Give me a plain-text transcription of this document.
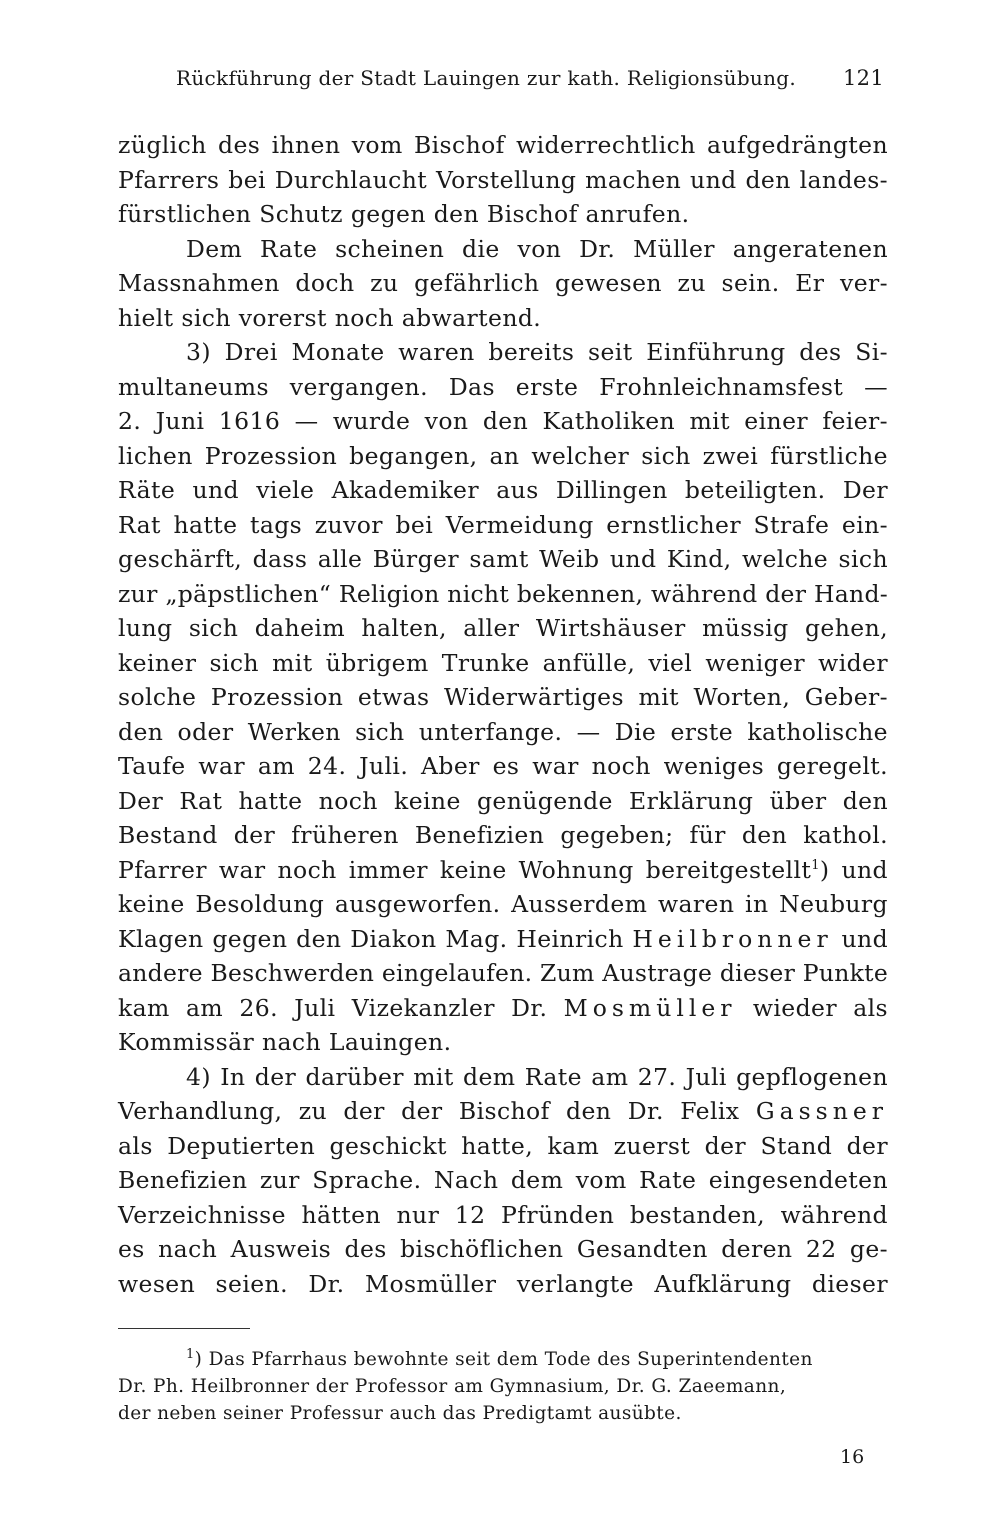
Rückführung der Stadt Lauingen zur kath. Religionsübung. 121
züglich des ihnen vom Bischof widerrechtlich aufgedrängten
Pfarrers bei Durchlaucht Vorstellung machen und den landes-
fürstlichen Schutz gegen den Bischof anrufen.
Dem Rate scheinen die von Dr. Müller angeratenen
Massnahmen doch zu gefährlich gewesen zu sein. Er ver-
hielt sich vorerst noch abwartend.
3) Drei Monate waren bereits seit Einführung des Si-
multaneums vergangen. Das erste Frohnleichnamsfest —
2. Juni 1616 — wurde von den Katholiken mit einer feier-
lichen Prozession begangen, an welcher sich zwei fürstliche
Räte und viele Akademiker aus Dillingen beteiligten. Der
Rat hatte tags zuvor bei Vermeidung ernstlicher Strafe ein-
geschärft, dass alle Bürger samt Weib und Kind, welche sich
zur „päpstlichen“ Religion nicht bekennen, während der Hand-
lung sich daheim halten, aller Wirtshäuser müssig gehen,
keiner sich mit übrigem Trunke anfülle, viel weniger wider
solche Prozession etwas Widerwärtiges mit Worten, Geber-
den oder Werken sich unterfange. — Die erste katholische
Taufe war am 24. Juli. Aber es war noch weniges geregelt.
Der Rat hatte noch keine genügende Erklärung über den
Bestand der früheren Benefizien gegeben; für den kathol.
Pfarrer war noch immer keine Wohnung bereitgestellt$^1$) und
keine Besoldung ausgeworfen. Ausserdem waren in Neuburg
Klagen gegen den Diakon Mag. Heinrich Heilbronner und
andere Beschwerden eingelaufen. Zum Austrage dieser Punkte
kam am 26. Juli Vizekanzler Dr. Mosmüller wieder als
Kommissär nach Lauingen.
4) In der darüber mit dem Rate am 27. Juli gepflogenen
Verhandlung, zu der der Bischof den Dr. Felix Gassner
als Deputierten geschickt hatte, kam zuerst der Stand der
Benefizien zur Sprache. Nach dem vom Rate eingesendeten
Verzeichnisse hätten nur 12 Pfründen bestanden, während
es nach Ausweis des bischöflichen Gesandten deren 22 ge-
wesen seien. Dr. Mosmüller verlangte Aufklärung dieser
$^1$) Das Pfarrhaus bewohnte seit dem Tode des Superintendenten
Dr. Ph. Heilbronner der Professor am Gymnasium, Dr. G. Zaeemann,
der neben seiner Professur auch das Predigtamt ausübte.
16
